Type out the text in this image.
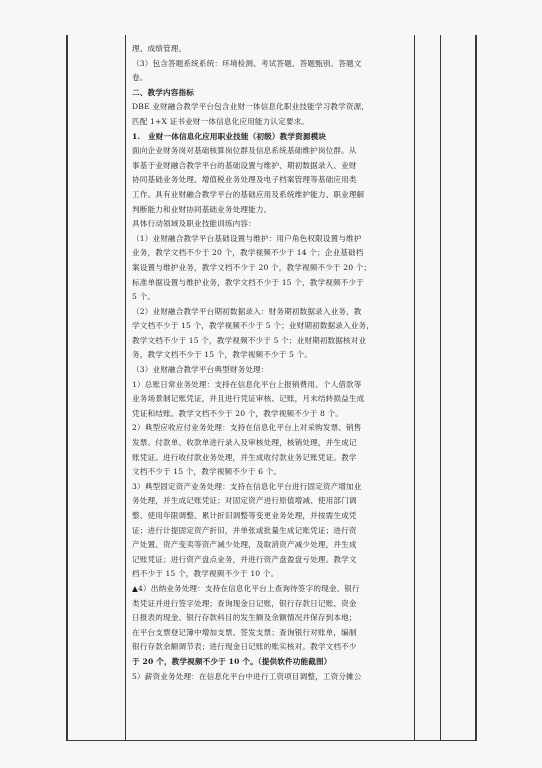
理、成绩管理。

（3）包含答题系统系统：环境检测、考试答题、答题甄别、答题文

卷。

二、教学内容指标

DBE 业财融合教学平台包含业财一体信息化职业技能学习教学资源，

匹配 1+X 证书业财一体信息化应用能力认定要求。

1.　业财一体信息化应用职业技能（初级）教学资源模块

面向企业财务岗对基础核算岗位群及信息系统基础维护岗位群。从

事基于业财融合教学平台的基础设置与维护、期初数据录入、业财

协同基础业务处理、增值税业务处理及电子档案管理等基础应用类

工作。具有业财融合教学平台的基础应用及系统维护能力、职业理解

判断能力和业财协同基础业务处理能力。

具体行动领域及职业技能训练内容：

（1）业财融合教学平台基础设置与维护：用户角色权限设置与维护

业务，教学文档不少于 20 个，教学视频不少于 14 个；企业基础档

案设置与维护业务，教学文档不少于 20 个，教学视频不少于 20 个；

标准单据设置与维护业务，教学文档不少于 15 个，教学视频不少于

5 个。

（2）业财融合教学平台期初数据录入：财务期初数据录入业务，教

学文档不少于 15 个，教学视频不少于 5 个；业财期初数据录入业务，

教学文档不少于 15 个，教学视频不少于 5 个；业财期初数据核对业

务，教学文档不少于 15 个，教学视频不少于 5 个。

（3）业财融合教学平台典型财务处理：

1）总账日常业务处理：支持在信息化平台上报销费用、个人借款等

业务场景制记账凭证，并且进行凭证审核、记账，月末结转损益生成

凭证和结账。教学文档不少于 20 个，教学视频不少于 8 个。

2）典型应收应付业务处理：支持在信息化平台上对采购发票、销售

发票、付款单、收款单进行录入及审核处理，核销处理，并生成记

账凭证。进行收付款业务处理，并生成收付款业务记账凭证。教学

文档不少于 15 个，教学视频不少于 6 个。

3）典型固定资产业务处理：支持在信息化平台进行固定资产增加业

务处理，并生成记账凭证；对固定资产进行原值增减、使用部门调

整、使用年限调整、累计折旧调整等变更业务处理，并按需生成凭

证；进行计提固定资产折旧，并单张或批量生成记账凭证；进行资

产处置、资产变卖等资产减少处理，及取消资产减少处理，并生成

记账凭证；进行资产盘点业务，并进行资产盘盈盘亏处理。教学文

档不少于 15 个，教学视频不少于 10 个。

▲4）出纳业务处理：支持在信息化平台上查询待签字的现金、银行

类凭证并进行签字处理；查询现金日记账，银行存款日记账、资金

日报表的现金、银行存款科目的发生额及余额情况并保存到本地；

在平台支票登记簿中增加支票、签发支票；查询银行对账单，编制

银行存款余额调节表；进行现金日记账的账实核对。教学文档不少

于 20 个，教学视频不少于 10 个。（提供软件功能截图）

5）薪资业务处理：在信息化平台中进行工资项目调整，工资分摊公
